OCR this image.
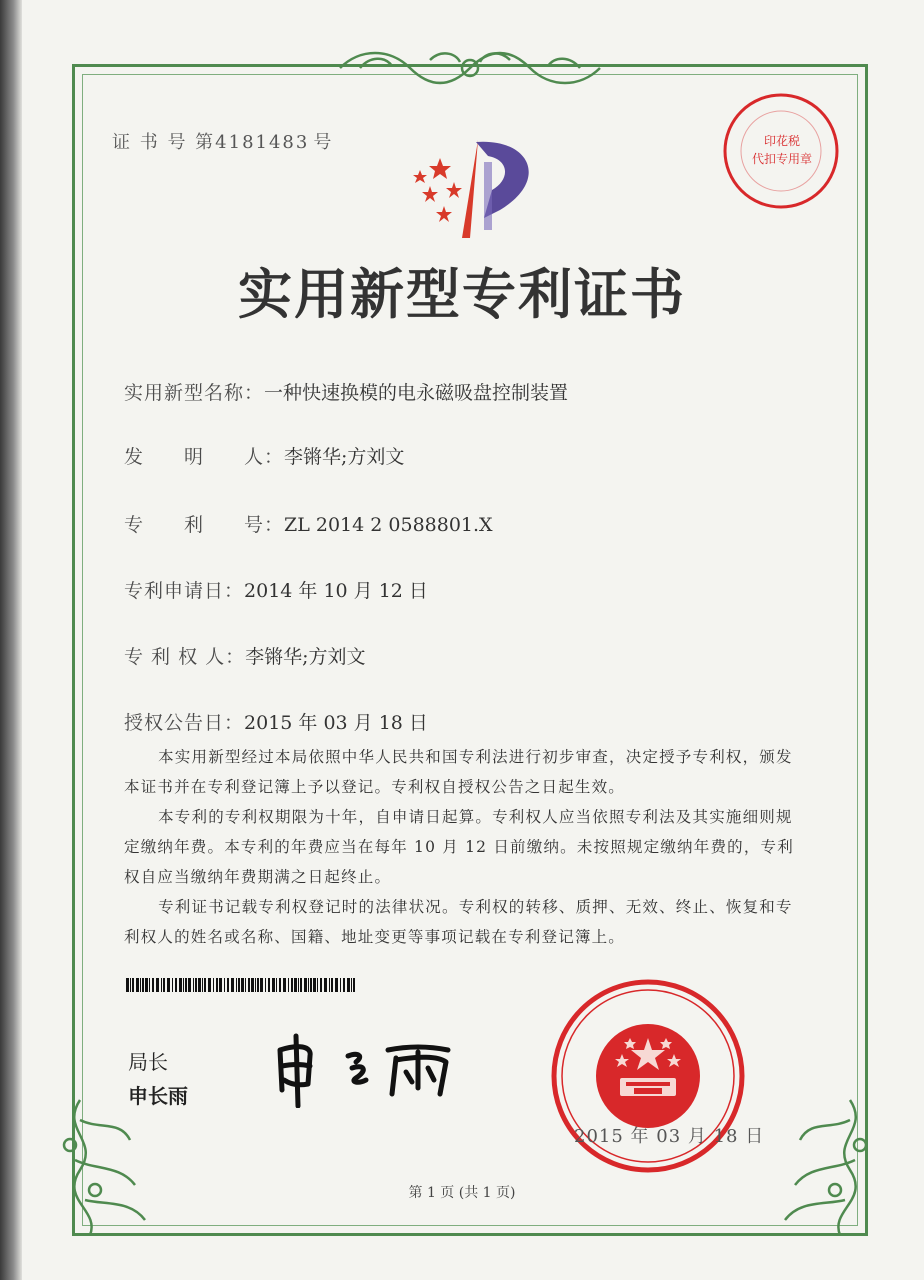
证 书 号 第4181483 号	印花税
代扣专用章
实用新型专利证书
实用新型名称：一种快速换模的电永磁吸盘控制装置
发　　明　　人：李锵华;方刘文
专　　利　　号：ZL 2014 2 0588801.X
专利申请日：2014 年 10 月 12 日
专 利 权 人：李锵华;方刘文
授权公告日：2015 年 03 月 18 日

本实用新型经过本局依照中华人民共和国专利法进行初步审查，决定授予专利权，颁发本证书并在专利登记簿上予以登记。专利权自授权公告之日起生效。

本专利的专利权期限为十年，自申请日起算。专利权人应当依照专利法及其实施细则规定缴纳年费。本专利的年费应当在每年 10 月 12 日前缴纳。未按照规定缴纳年费的，专利权自应当缴纳年费期满之日起终止。

专利证书记载专利权登记时的法律状况。专利权的转移、质押、无效、终止、恢复和专利权人的姓名或名称、国籍、地址变更等事项记载在专利登记簿上。

局长
申长雨
2015 年 03 月 18 日
第 1 页 (共 1 页)
